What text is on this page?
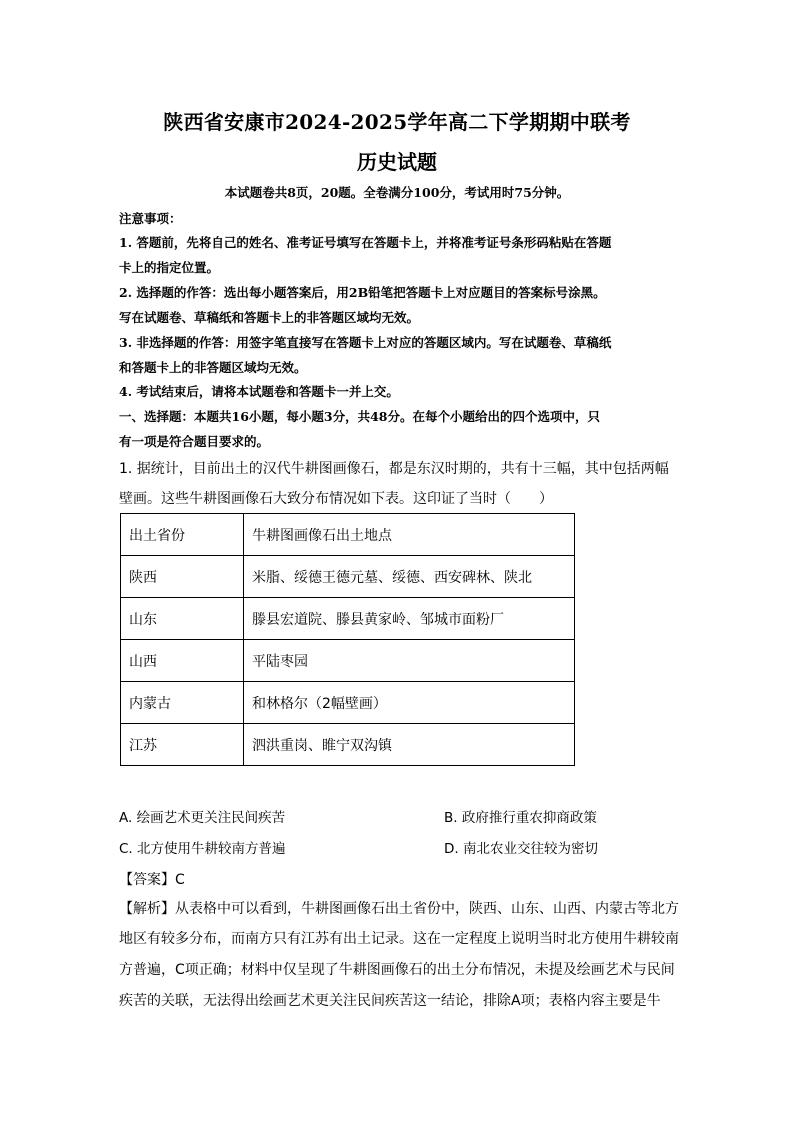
陕西省安康市2024-2025学年高二下学期期中联考
历史试题
本试题卷共8页，20题。全卷满分100分，考试用时75分钟。
注意事项：
1. 答题前，先将自己的姓名、准考证号填写在答题卡上，并将准考证号条形码粘贴在答题
卡上的指定位置。
2. 选择题的作答：选出每小题答案后，用2B铅笔把答题卡上对应题目的答案标号涂黑。
写在试题卷、草稿纸和答题卡上的非答题区域均无效。
3. 非选择题的作答：用签字笔直接写在答题卡上对应的答题区域内。写在试题卷、草稿纸
和答题卡上的非答题区域均无效。
4. 考试结束后，请将本试题卷和答题卡一并上交。
一、选择题：本题共16小题，每小题3分，共48分。在每个小题给出的四个选项中，只
有一项是符合题目要求的。
1. 据统计，目前出土的汉代牛耕图画像石，都是东汉时期的，共有十三幅，其中包括两幅
壁画。这些牛耕图画像石大致分布情况如下表。这印证了当时（　　）
出土省份	牛耕图画像石出土地点
陕西	米脂、绥德王德元墓、绥德、西安碑林、陕北
山东	滕县宏道院、滕县黄家岭、邹城市面粉厂
山西	平陆枣园
内蒙古	和林格尔（2幅壁画）
江苏	泗洪重岗、睢宁双沟镇
A. 绘画艺术更关注民间疾苦	B. 政府推行重农抑商政策
C. 北方使用牛耕较南方普遍	D. 南北农业交往较为密切
【答案】C
【解析】从表格中可以看到，牛耕图画像石出土省份中，陕西、山东、山西、内蒙古等北方
地区有较多分布，而南方只有江苏有出土记录。这在一定程度上说明当时北方使用牛耕较南
方普遍，C项正确；材料中仅呈现了牛耕图画像石的出土分布情况，未提及绘画艺术与民间
疾苦的关联，无法得出绘画艺术更关注民间疾苦这一结论，排除A项；表格内容主要是牛
